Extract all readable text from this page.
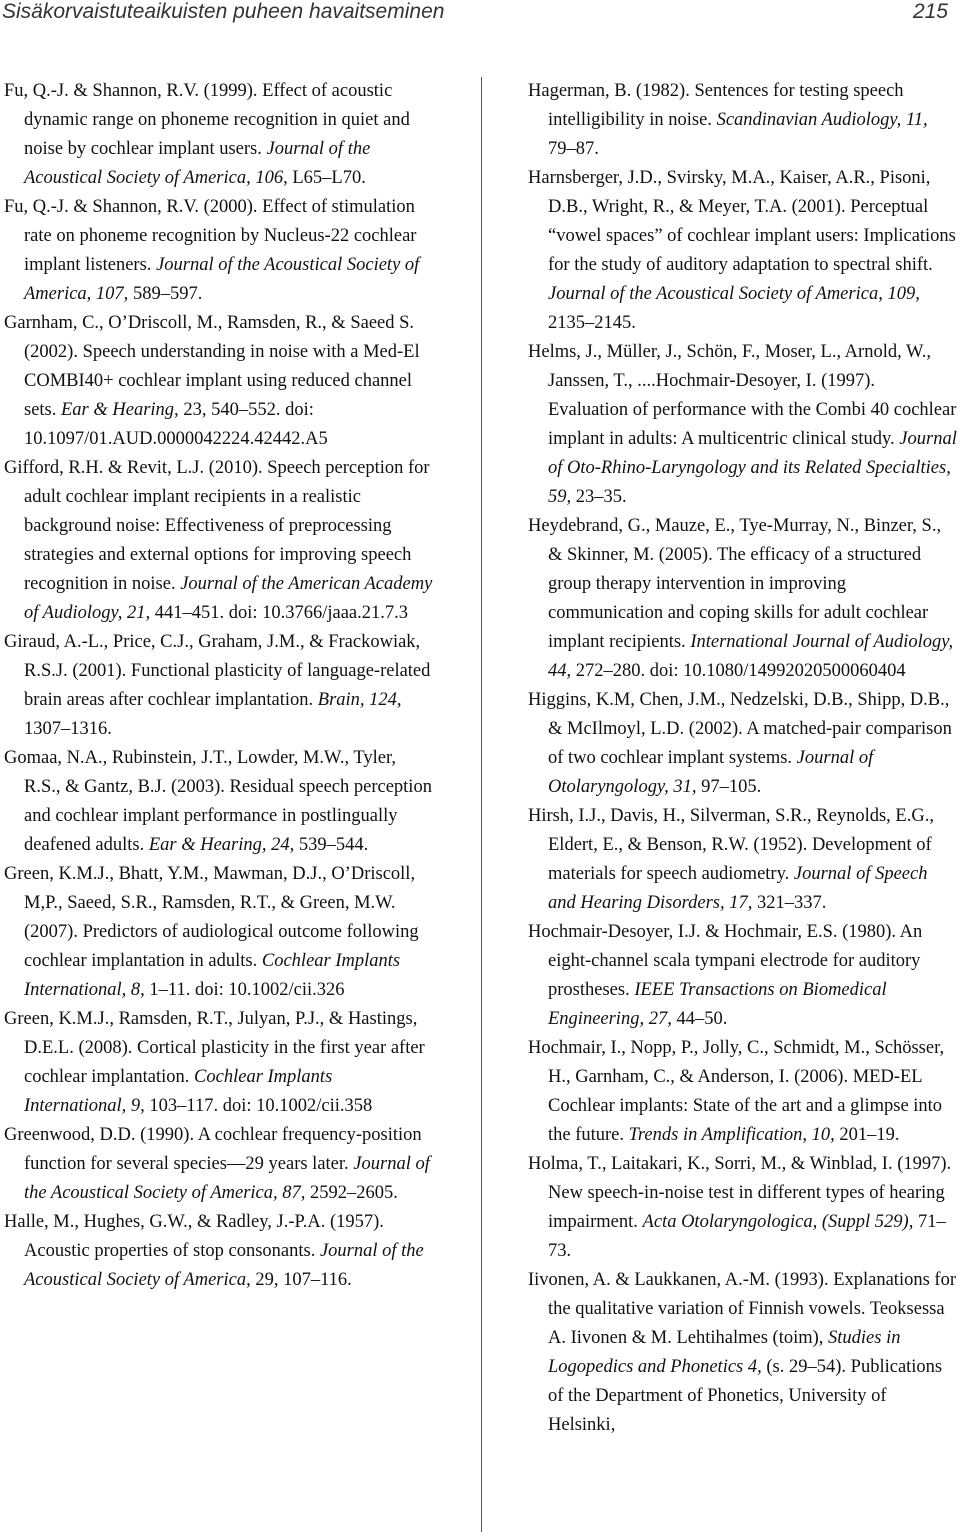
Sisäkorvaistuteaikuisten puheen havaitseminen	215

Fu, Q.-J. & Shannon, R.V. (1999). Effect of acoustic dynamic range on phoneme recognition in quiet and noise by cochlear implant users. Journal of the Acoustical Society of America, 106, L65–L70.

Fu, Q.-J. & Shannon, R.V. (2000). Effect of stimulation rate on phoneme recognition by Nucleus-22 cochlear implant listeners. Journal of the Acoustical Society of America, 107, 589–597.

Garnham, C., O’Driscoll, M., Ramsden, R., & Saeed S. (2002). Speech understanding in noise with a Med-El COMBI40+ cochlear implant using reduced channel sets. Ear & Hearing, 23, 540–552. doi: 10.1097/01.AUD.0000042224.42442.A5

Gifford, R.H. & Revit, L.J. (2010). Speech perception for adult cochlear implant recipients in a realistic background noise: Effectiveness of preprocessing strategies and external options for improving speech recognition in noise. Journal of the American Academy of Audiology, 21, 441–451. doi: 10.3766/jaaa.21.7.3

Giraud, A.-L., Price, C.J., Graham, J.M., & Frackowiak, R.S.J. (2001). Functional plasticity of language-related brain areas after cochlear implantation. Brain, 124, 1307–1316.

Gomaa, N.A., Rubinstein, J.T., Lowder, M.W., Tyler, R.S., & Gantz, B.J. (2003). Residual speech perception and cochlear implant performance in postlingually deafened adults. Ear & Hearing, 24, 539–544.

Green, K.M.J., Bhatt, Y.M., Mawman, D.J., O’Driscoll, M,P., Saeed, S.R., Ramsden, R.T., & Green, M.W. (2007). Predictors of audiological outcome following cochlear implantation in adults. Cochlear Implants International, 8, 1–11. doi: 10.1002/cii.326

Green, K.M.J., Ramsden, R.T., Julyan, P.J., & Hastings, D.E.L. (2008). Cortical plasticity in the first year after cochlear implantation. Cochlear Implants International, 9, 103–117. doi: 10.1002/cii.358

Greenwood, D.D. (1990). A cochlear frequency-position function for several species—29 years later. Journal of the Acoustical Society of America, 87, 2592–2605.

Halle, M., Hughes, G.W., & Radley, J.-P.A. (1957). Acoustic properties of stop consonants. Journal of the Acoustical Society of America, 29, 107–116.

Hagerman, B. (1982). Sentences for testing speech intelligibility in noise. Scandinavian Audiology, 11, 79–87.

Harnsberger, J.D., Svirsky, M.A., Kaiser, A.R., Pisoni, D.B., Wright, R., & Meyer, T.A. (2001). Perceptual “vowel spaces” of cochlear implant users: Implications for the study of auditory adaptation to spectral shift. Journal of the Acoustical Society of America, 109, 2135–2145.

Helms, J., Müller, J., Schön, F., Moser, L., Arnold, W., Janssen, T., ....Hochmair-Desoyer, I. (1997). Evaluation of performance with the Combi 40 cochlear implant in adults: A multicentric clinical study. Journal of Oto-Rhino-Laryngology and its Related Specialties, 59, 23–35.

Heydebrand, G., Mauze, E., Tye-Murray, N., Binzer, S., & Skinner, M. (2005). The efficacy of a structured group therapy intervention in improving communication and coping skills for adult cochlear implant recipients. International Journal of Audiology, 44, 272–280. doi: 10.1080/14992020500060404

Higgins, K.M, Chen, J.M., Nedzelski, D.B., Shipp, D.B., & McIlmoyl, L.D. (2002). A matched-pair comparison of two cochlear implant systems. Journal of Otolaryngology, 31, 97–105.

Hirsh, I.J., Davis, H., Silverman, S.R., Reynolds, E.G., Eldert, E., & Benson, R.W. (1952). Development of materials for speech audiometry. Journal of Speech and Hearing Disorders, 17, 321–337.

Hochmair-Desoyer, I.J. & Hochmair, E.S. (1980). An eight-channel scala tympani electrode for auditory prostheses. IEEE Transactions on Biomedical Engineering, 27, 44–50.

Hochmair, I., Nopp, P., Jolly, C., Schmidt, M., Schösser, H., Garnham, C., & Anderson, I. (2006). MED-EL Cochlear implants: State of the art and a glimpse into the future. Trends in Amplification, 10, 201–19.

Holma, T., Laitakari, K., Sorri, M., & Winblad, I. (1997). New speech-in-noise test in different types of hearing impairment. Acta Otolaryngologica, (Suppl 529), 71–73.

Iivonen, A. & Laukkanen, A.-M. (1993). Explanations for the qualitative variation of Finnish vowels. Teoksessa A. Iivonen & M. Lehtihalmes (toim), Studies in Logopedics and Phonetics 4, (s. 29–54). Publications of the Department of Phonetics, University of Helsinki,
